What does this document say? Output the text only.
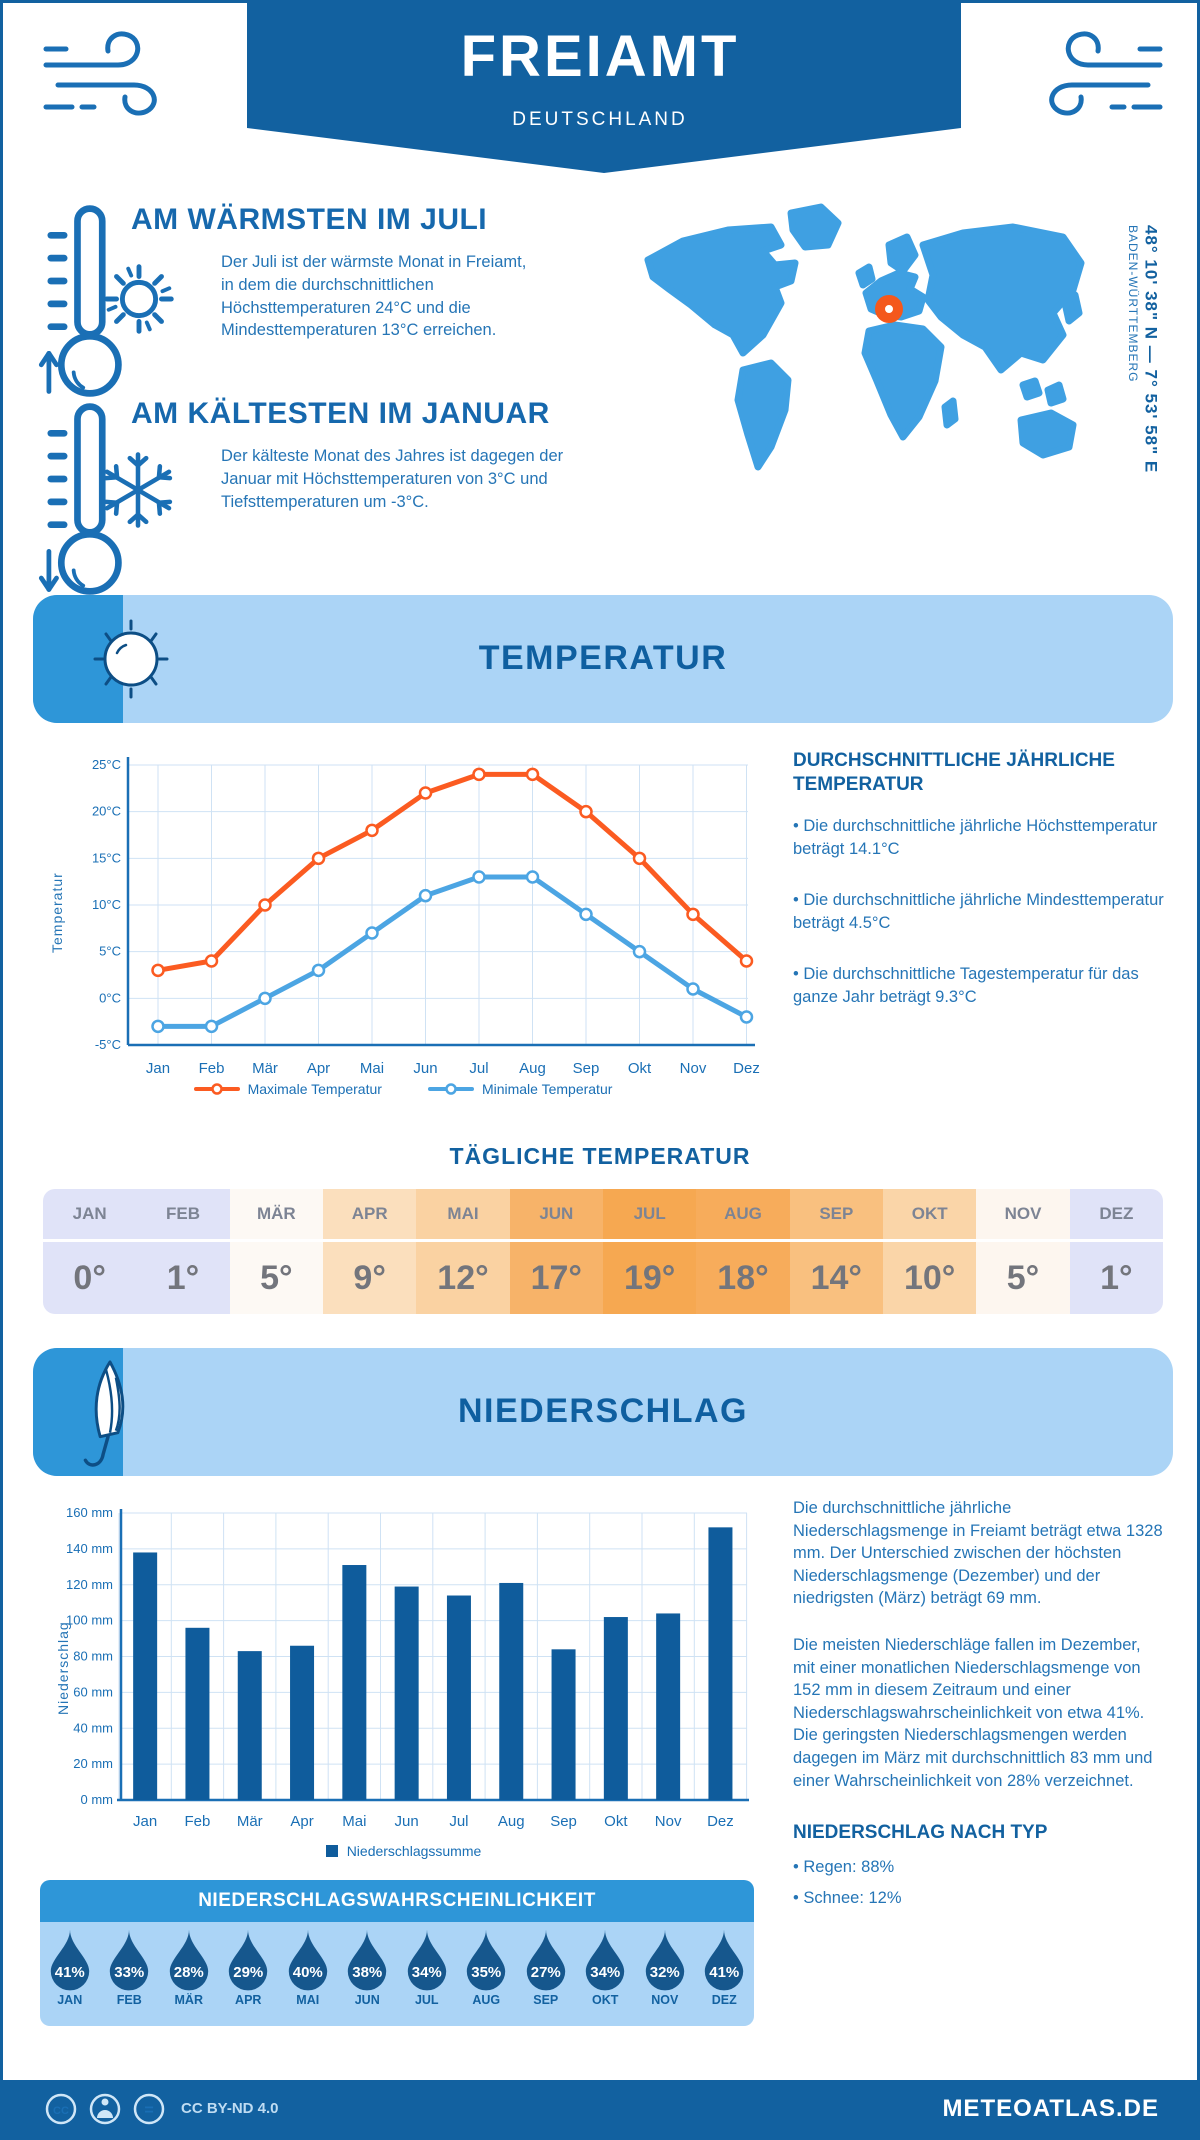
FREIAMT
DEUTSCHLAND
AM WÄRMSTEN IM JULI
Der Juli ist der wärmste Monat in Freiamt, in dem die durchschnittlichen Höchsttemperaturen 24°C und die Mindesttemperaturen 13°C erreichen.
AM KÄLTESTEN IM JANUAR
Der kälteste Monat des Jahres ist dagegen der Januar mit Höchsttemperaturen von 3°C und Tiefsttemperaturen um -3°C.
48° 10' 38" N — 7° 53' 58" E
BADEN-WÜRTTEMBERG
TEMPERATUR
-5°C
0°C
5°C
10°C
15°C
20°C
25°C
Jan Feb Mär Apr Mai Jun Jul Aug Sep Okt Nov Dez
Temperatur
Maximale Temperatur	Minimale Temperatur
DURCHSCHNITTLICHE JÄHRLICHE TEMPERATUR
• Die durchschnittliche jährliche Höchsttemperatur beträgt 14.1°C
• Die durchschnittliche jährliche Mindesttemperatur beträgt 4.5°C
• Die durchschnittliche Tagestemperatur für das ganze Jahr beträgt 9.3°C
TÄGLICHE TEMPERATUR
JAN	FEB	MÄR	APR	MAI	JUN	JUL	AUG	SEP	OKT	NOV	DEZ
0°	1°	5°	9°	12°	17°	19°	18°	14°	10°	5°	1°
NIEDERSCHLAG
0 mm
20 mm
40 mm
60 mm
80 mm
100 mm
120 mm
140 mm
160 mm
Jan Feb Mär Apr Mai Jun Jul Aug Sep Okt Nov Dez
Niederschlag
Niederschlagssumme

Die durchschnittliche jährliche Niederschlagsmenge in Freiamt beträgt etwa 1328 mm. Der Unterschied zwischen der höchsten Niederschlagsmenge (Dezember) und der niedrigsten (März) beträgt 69 mm.

Die meisten Niederschläge fallen im Dezember, mit einer monatlichen Niederschlagsmenge von 152 mm in diesem Zeitraum und einer Niederschlagswahrscheinlichkeit von etwa 41%. Die geringsten Niederschlagsmengen werden dagegen im März mit durchschnittlich 83 mm und einer Wahrscheinlichkeit von 28% verzeichnet.

NIEDERSCHLAG NACH TYP
• Regen: 88%
• Schnee: 12%
NIEDERSCHLAGSWAHRSCHEINLICHKEIT
41%
JAN
33%
FEB
28%
MÄR
29%
APR
40%
MAI
38%
JUN
34%
JUL
35%
AUG
27%
SEP
34%
OKT
32%
NOV
41%
DEZ
CC	= CC BY-ND 4.0	METEOATLAS.DE
